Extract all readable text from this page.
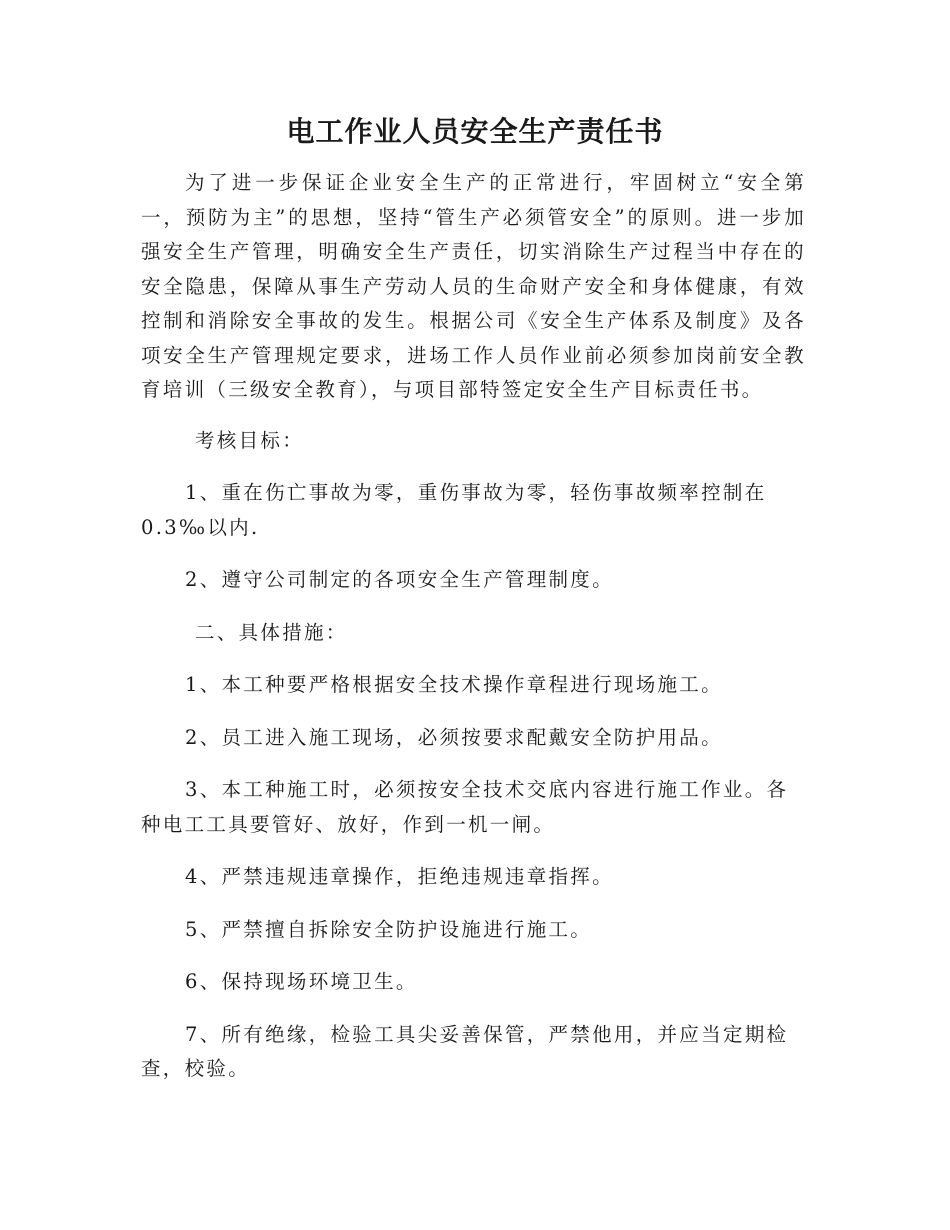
电工作业人员安全生产责任书

为了进一步保证企业安全生产的正常进行，牢固树立“安全第一，预防为主”的思想，坚持“管生产必须管安全”的原则。进一步加强安全生产管理，明确安全生产责任，切实消除生产过程当中存在的安全隐患，保障从事生产劳动人员的生命财产安全和身体健康，有效控制和消除安全事故的发生。根据公司《安全生产体系及制度》及各项安全生产管理规定要求，进场工作人员作业前必须参加岗前安全教育培训（三级安全教育），与项目部特签定安全生产目标责任书。

考核目标：

1、重在伤亡事故为零，重伤事故为零，轻伤事故频率控制在0.3‰以内.

2、遵守公司制定的各项安全生产管理制度。

二、具体措施：

1、本工种要严格根据安全技术操作章程进行现场施工。

2、员工进入施工现场，必须按要求配戴安全防护用品。

3、本工种施工时，必须按安全技术交底内容进行施工作业。各种电工工具要管好、放好，作到一机一闸。

4、严禁违规违章操作，拒绝违规违章指挥。

5、严禁擅自拆除安全防护设施进行施工。

6、保持现场环境卫生。

7、所有绝缘，检验工具尖妥善保管，严禁他用，并应当定期检查，校验。
